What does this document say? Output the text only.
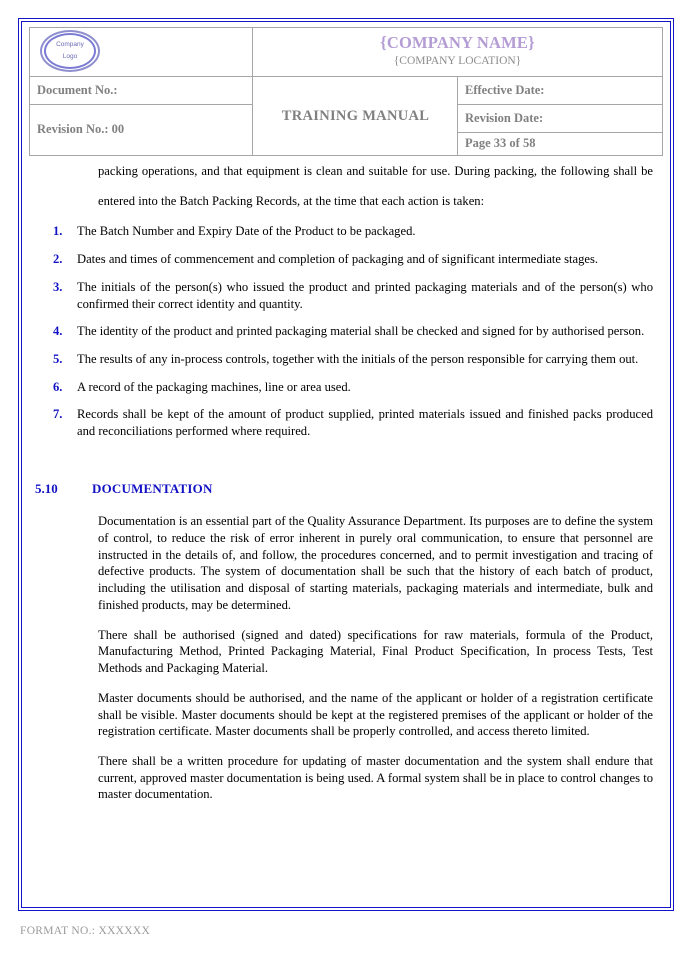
Company
Logo

{COMPANY NAME}
{COMPANY LOCATION}

Document No.:	TRAINING MANUAL	Effective Date:
Revision No.: 00		Revision Date:
		Page 33 of 58

packing operations, and that equipment is clean and suitable for use. During packing, the following shall be entered into the Batch Packing Records, at the time that each action is taken:

1.	The Batch Number and Expiry Date of the Product to be packaged.
2.	Dates and times of commencement and completion of packaging and of significant intermediate stages.
3.	The initials of the person(s) who issued the product and printed packaging materials and of the person(s) who confirmed their correct identity and quantity.
4.	The identity of the product and printed packaging material shall be checked and signed for by authorised person.
5.	The results of any in-process controls, together with the initials of the person responsible for carrying them out.
6.	A record of the packaging machines, line or area used.
7.	Records shall be kept of the amount of product supplied, printed materials issued and finished packs produced and reconciliations performed where required.
5.10	DOCUMENTATION

Documentation is an essential part of the Quality Assurance Department. Its purposes are to define the system of control, to reduce the risk of error inherent in purely oral communication, to ensure that personnel are instructed in the details of, and follow, the procedures concerned, and to permit investigation and tracing of defective products. The system of documentation shall be such that the history of each batch of product, including the utilisation and disposal of starting materials, packaging materials and intermediate, bulk and finished products, may be determined.

There shall be authorised (signed and dated) specifications for raw materials, formula of the Product, Manufacturing Method, Printed Packaging Material, Final Product Specification, In process Tests, Test Methods and Packaging Material.

Master documents should be authorised, and the name of the applicant or holder of a registration certificate shall be visible. Master documents should be kept at the registered premises of the applicant or holder of the registration certificate. Master documents shall be properly controlled, and access thereto limited.

There shall be a written procedure for updating of master documentation and the system shall endure that current, approved master documentation is being used. A formal system shall be in place to control changes to master documentation.

FORMAT NO.: XXXXXX
